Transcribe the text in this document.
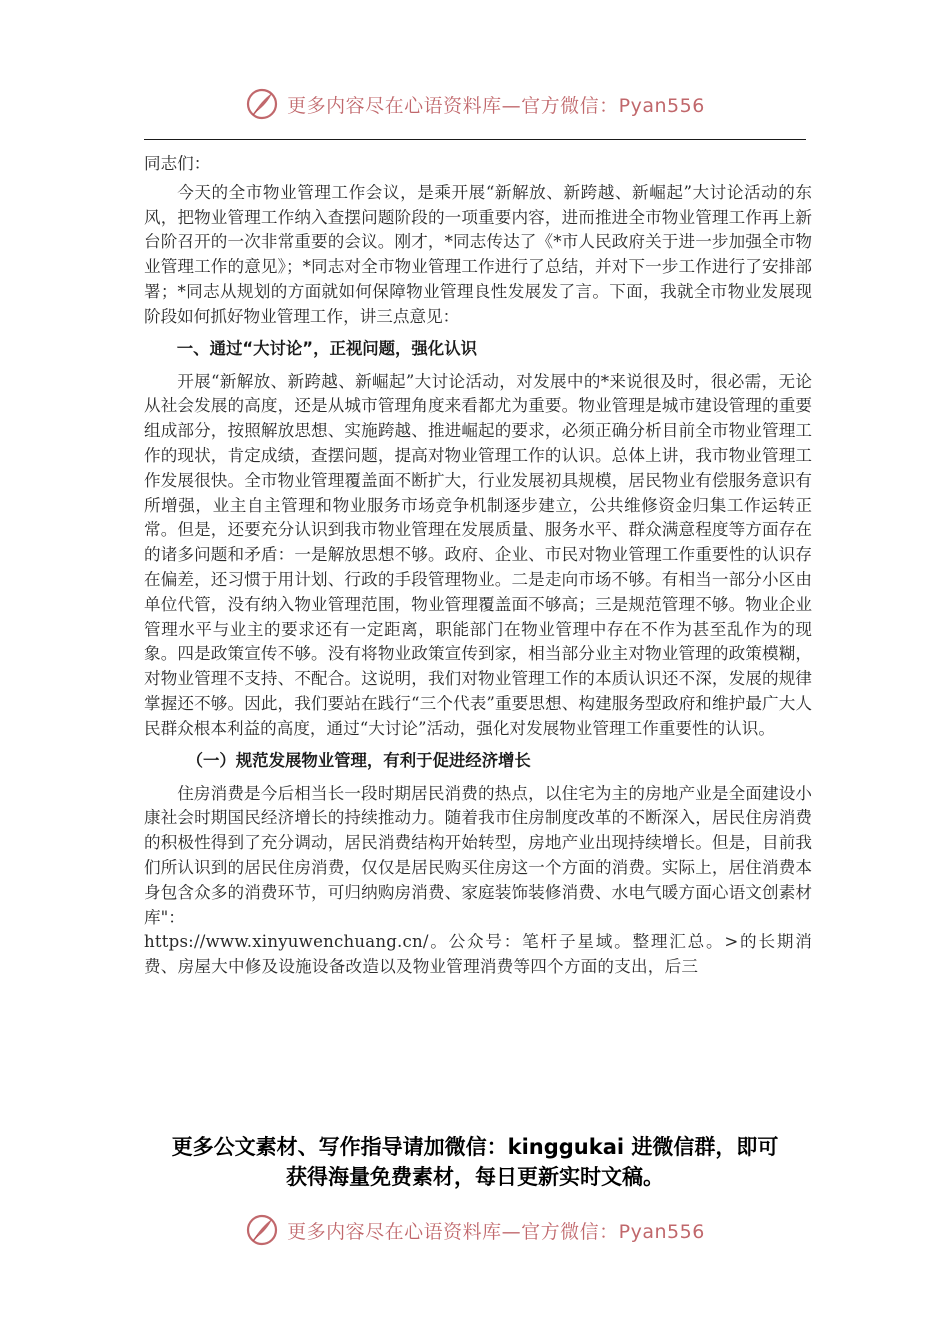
更多内容尽在心语资料库—官方微信：Pyan556

同志们：

今天的全市物业管理工作会议，是乘开展“新解放、新跨越、新崛起”大讨论活动的东风，把物业管理工作纳入查摆问题阶段的一项重要内容，进而推进全市物业管理工作再上新台阶召开的一次非常重要的会议。刚才，*同志传达了《*市人民政府关于进一步加强全市物业管理工作的意见》；*同志对全市物业管理工作进行了总结，并对下一步工作进行了安排部署；*同志从规划的方面就如何保障物业管理良性发展发了言。下面，我就全市物业发展现阶段如何抓好物业管理工作，讲三点意见：

一、通过“大讨论”，正视问题，强化认识

开展“新解放、新跨越、新崛起”大讨论活动，对发展中的*来说很及时，很必需，无论从社会发展的高度，还是从城市管理角度来看都尤为重要。物业管理是城市建设管理的重要组成部分，按照解放思想、实施跨越、推进崛起的要求，必须正确分析目前全市物业管理工作的现状，肯定成绩，查摆问题，提高对物业管理工作的认识。总体上讲，我市物业管理工作发展很快。全市物业管理覆盖面不断扩大，行业发展初具规模，居民物业有偿服务意识有所增强，业主自主管理和物业服务市场竞争机制逐步建立，公共维修资金归集工作运转正常。但是，还要充分认识到我市物业管理在发展质量、服务水平、群众满意程度等方面存在的诸多问题和矛盾：一是解放思想不够。政府、企业、市民对物业管理工作重要性的认识存在偏差，还习惯于用计划、行政的手段管理物业。二是走向市场不够。有相当一部分小区由单位代管，没有纳入物业管理范围，物业管理覆盖面不够高；三是规范管理不够。物业企业管理水平与业主的要求还有一定距离，职能部门在物业管理中存在不作为甚至乱作为的现象。四是政策宣传不够。没有将物业政策宣传到家，相当部分业主对物业管理的政策模糊，对物业管理不支持、不配合。这说明，我们对物业管理工作的本质认识还不深，发展的规律掌握还不够。因此，我们要站在践行“三个代表”重要思想、构建服务型政府和维护最广大人民群众根本利益的高度，通过“大讨论”活动，强化对发展物业管理工作重要性的认识。

（一）规范发展物业管理，有利于促进经济增长

住房消费是今后相当长一段时期居民消费的热点，以住宅为主的房地产业是全面建设小康社会时期国民经济增长的持续推动力。随着我市住房制度改革的不断深入，居民住房消费的积极性得到了充分调动，居民消费结构开始转型，房地产业出现持续增长。但是，目前我们所认识到的居民住房消费，仅仅是居民购买住房这一个方面的消费。实际上，居住消费本身包含众多的消费环节，可归纳购房消费、家庭装饰装修消费、水电气暖方面心语文创素材库"：

https://www.xinyuwenchuang.cn/。公众号：笔杆子星域。整理汇总。>的长期消费、房屋大中修及设施设备改造以及物业管理消费等四个方面的支出，后三

更多公文素材、写作指导请加微信：kinggukai 进微信群，即可
获得海量免费素材，每日更新实时文稿。
更多内容尽在心语资料库—官方微信：Pyan556
